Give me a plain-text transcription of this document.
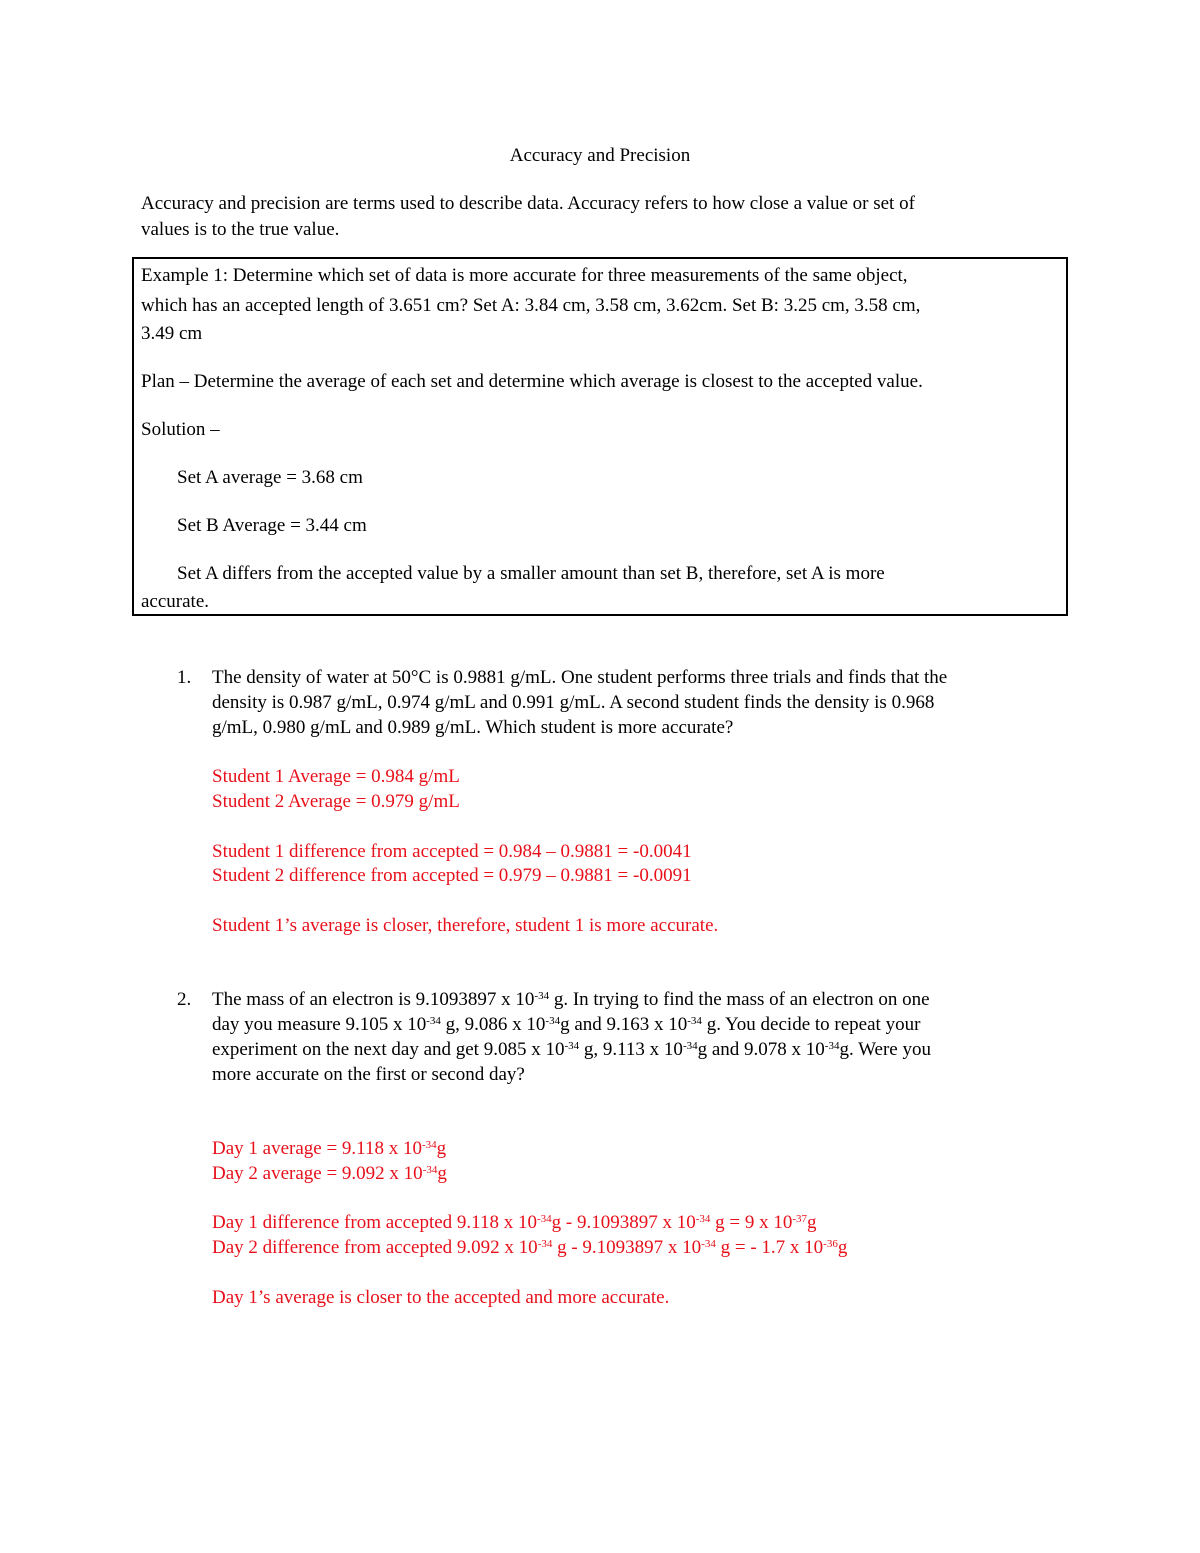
Accuracy and Precision

Accuracy and precision are terms used to describe data. Accuracy refers to how close a value or set of

values is to the true value.

Example 1: Determine which set of data is more accurate for three measurements of the same object,

which has an accepted length of 3.651 cm? Set A: 3.84 cm, 3.58 cm, 3.62cm. Set B: 3.25 cm, 3.58 cm,

3.49 cm

Plan – Determine the average of each set and determine which average is closest to the accepted value.

Solution –

Set A average = 3.68 cm

Set B Average = 3.44 cm

Set A differs from the accepted value by a smaller amount than set B, therefore, set A is more

accurate.

1. The density of water at 50°C is 0.9881 g/mL. One student performs three trials and finds that the

density is 0.987 g/mL, 0.974 g/mL and 0.991 g/mL. A second student finds the density is 0.968

g/mL, 0.980 g/mL and 0.989 g/mL. Which student is more accurate?

Student 1 Average = 0.984 g/mL

Student 2 Average = 0.979 g/mL

Student 1 difference from accepted = 0.984 – 0.9881 = -0.0041

Student 2 difference from accepted = 0.979 – 0.9881 = -0.0091

Student 1’s average is closer, therefore, student 1 is more accurate.

2. The mass of an electron is 9.1093897 x $10^{-34}$ g. In trying to find the mass of an electron on one

day you measure 9.105 x $10^{-34}$ g, 9.086 x $10^{-34}g$ and 9.163 x $10^{-34}$ g. You decide to repeat your

experiment on the next day and get 9.085 x $10^{-34}$ g, 9.113 x $10^{-34}g$ and 9.078 x $10^{-34}g$. Were you

more accurate on the first or second day?

Day 1 average = 9.118 x $10^{-34}g$

Day 2 average = 9.092 x $10^{-34}g$

Day 1 difference from accepted 9.118 x $10^{-34}g - 9.1093897$ x $10^{-34}$ g = 9 x $10^{-37}g$

Day 2 difference from accepted 9.092 x $10^{-34}$ g - 9.1093897 x $10^{-34}$ g = - 1.7 x $10^{-36}g$

Day 1’s average is closer to the accepted and more accurate.
